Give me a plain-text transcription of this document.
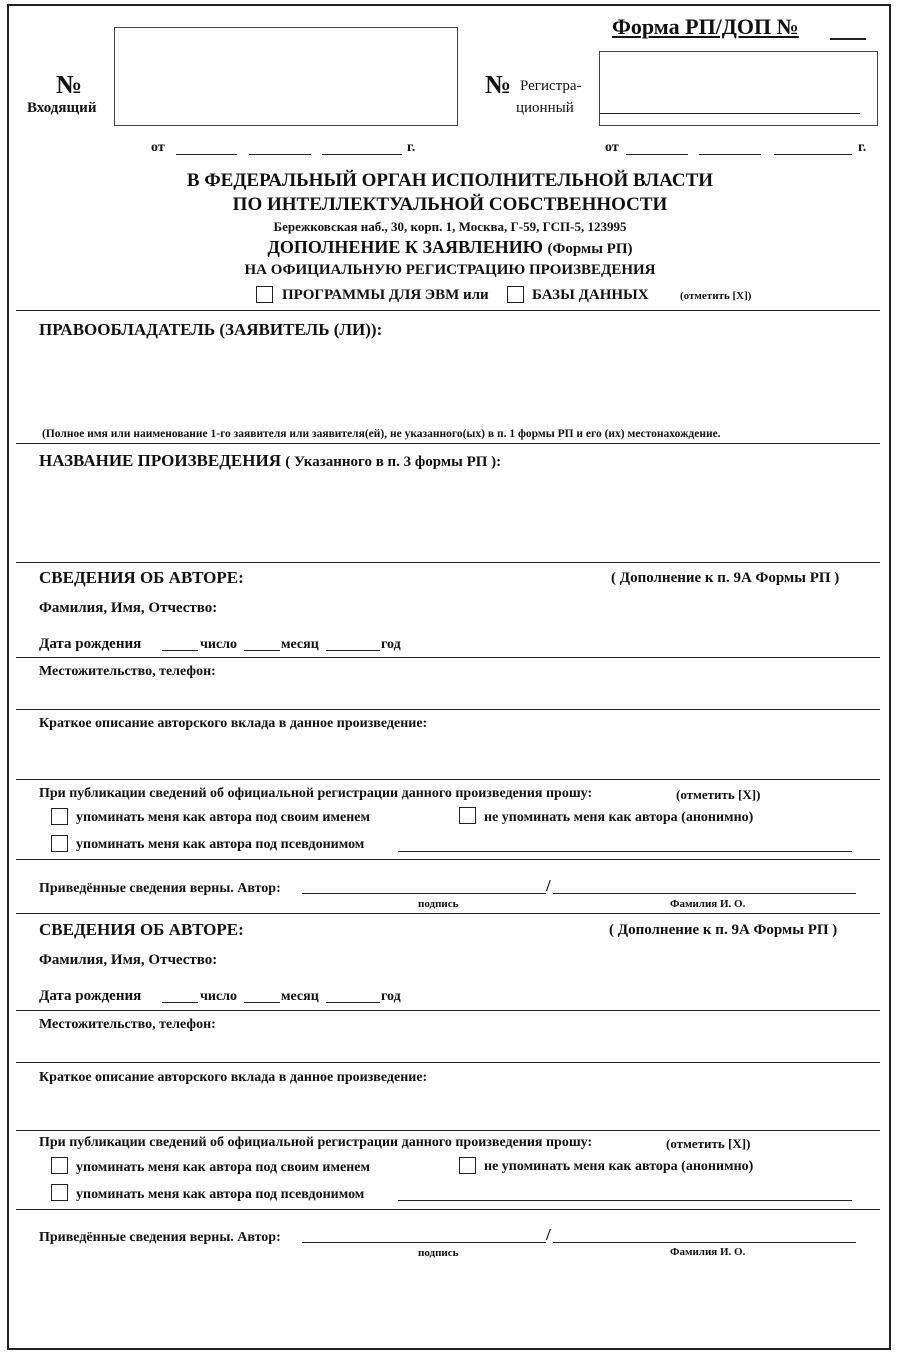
№
Входящий
Форма РП/ДОП №
№ Регистра-
ционный
от	г.	от	г.
В ФЕДЕРАЛЬНЫЙ ОРГАН ИСПОЛНИТЕЛЬНОЙ ВЛАСТИ
ПО ИНТЕЛЛЕКТУАЛЬНОЙ СОБСТВЕННОСТИ
Бережковская наб., 30, корп. 1, Москва, Г-59, ГСП-5, 123995
ДОПОЛНЕНИЕ К ЗАЯВЛЕНИЮ (Формы РП)
НА ОФИЦИАЛЬНУЮ РЕГИСТРАЦИЮ ПРОИЗВЕДЕНИЯ
ПРОГРАММЫ ДЛЯ ЭВМ или	БАЗЫ ДАННЫХ	(отметить [X])
ПРАВООБЛАДАТЕЛЬ (ЗАЯВИТЕЛЬ (ЛИ)):
(Полное имя или наименование 1-го заявителя или заявителя(ей), не указанного(ых) в п. 1 формы РП и его (их) местонахождение.
НАЗВАНИЕ ПРОИЗВЕДЕНИЯ ( Указанного в п. 3 формы РП ):
СВЕДЕНИЯ ОБ АВТОРЕ:	( Дополнение к п. 9А Формы РП )
Фамилия, Имя, Отчество:
Дата рождения	число	месяц	год
Местожительство, телефон:
Краткое описание авторского вклада в данное произведение:
При публикации сведений об официальной регистрации данного произведения прошу:	(отметить [X])
упоминать меня как автора под своим именем	не упоминать меня как автора (анонимно)
упоминать меня как автора под псевдонимом
Приведённые сведения верны. Автор:	/
подпись	Фамилия И. О.
СВЕДЕНИЯ ОБ АВТОРЕ:	( Дополнение к п. 9А Формы РП )
Фамилия, Имя, Отчество:
Дата рождения	число	месяц	год
Местожительство, телефон:
Краткое описание авторского вклада в данное произведение:
При публикации сведений об официальной регистрации данного произведения прошу:	(отметить [X])
упоминать меня как автора под своим именем	не упоминать меня как автора (анонимно)
упоминать меня как автора под псевдонимом
Приведённые сведения верны. Автор:	/
подпись	Фамилия И. О.
